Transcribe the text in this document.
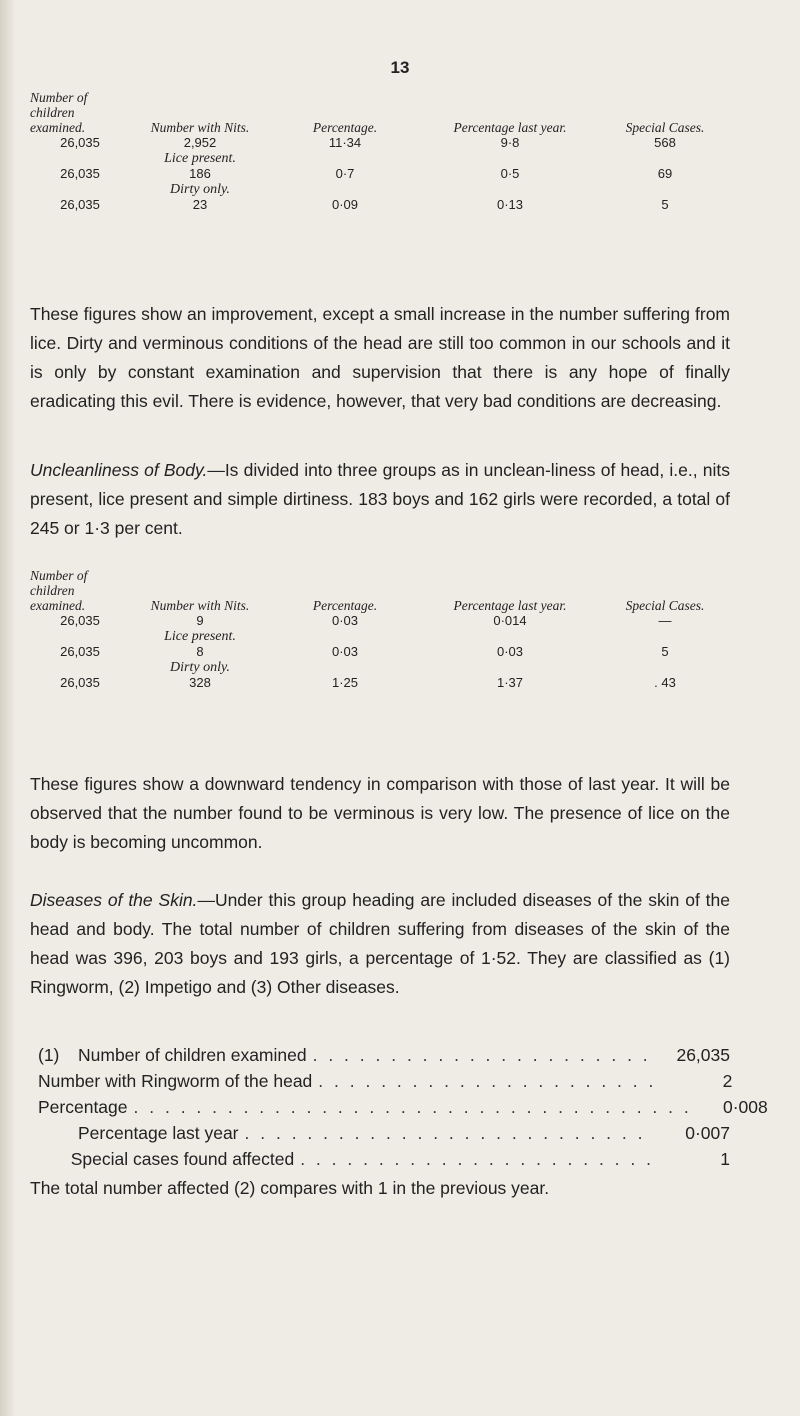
13
Number of children examined.	Number with Nits.	Percentage.	Percentage last year.	Special Cases.
26,035	2,952	11·34	9·8	568
	Lice present.			
26,035	186	0·7	0·5	69
	Dirty only.			
26,035	23	0·09	0·13	5

These figures show an improvement, except a small increase in the number suffering from lice. Dirty and verminous conditions of the head are still too common in our schools and it is only by constant examination and supervision that there is any hope of finally eradicating this evil. There is evidence, however, that very bad conditions are decreasing.

Uncleanliness of Body.—Is divided into three groups as in unclean-liness of head, i.e., nits present, lice present and simple dirtiness. 183 boys and 162 girls were recorded, a total of 245 or 1·3 per cent.

Number of children examined.	Number with Nits.	Percentage.	Percentage last year.	Special Cases.
26,035	9	0·03	0·014	—
	Lice present.			
26,035	8	0·03	0·03	5
	Dirty only.			
26,035	328	1·25	1·37	. 43

These figures show a downward tendency in comparison with those of last year. It will be observed that the number found to be verminous is very low. The presence of lice on the body is becoming uncommon.

Diseases of the Skin.—Under this group heading are included diseases of the skin of the head and body. The total number of children suffering from diseases of the skin of the head was 396, 203 boys and 193 girls, a percentage of 1·52. They are classified as (1) Ringworm, (2) Impetigo and (3) Other diseases.

(1)	Number of children examined . . . . . . . . . . . . . . . . . . . . . .	26,035
Number with Ringworm of the head . . . . . . . . . . . . . . . . . . . . . .	2
Percentage . . . . . . . . . . . . . . . . . . . . . . . . . . . . . . . . . . . .	0·008
Percentage last year . . . . . . . . . . . . . . . . . . . . . . . . . .	0·007
Special cases found affected . . . . . . . . . . . . . . . . . . . . . . .	1

The total number affected (2) compares with 1 in the previous year.
